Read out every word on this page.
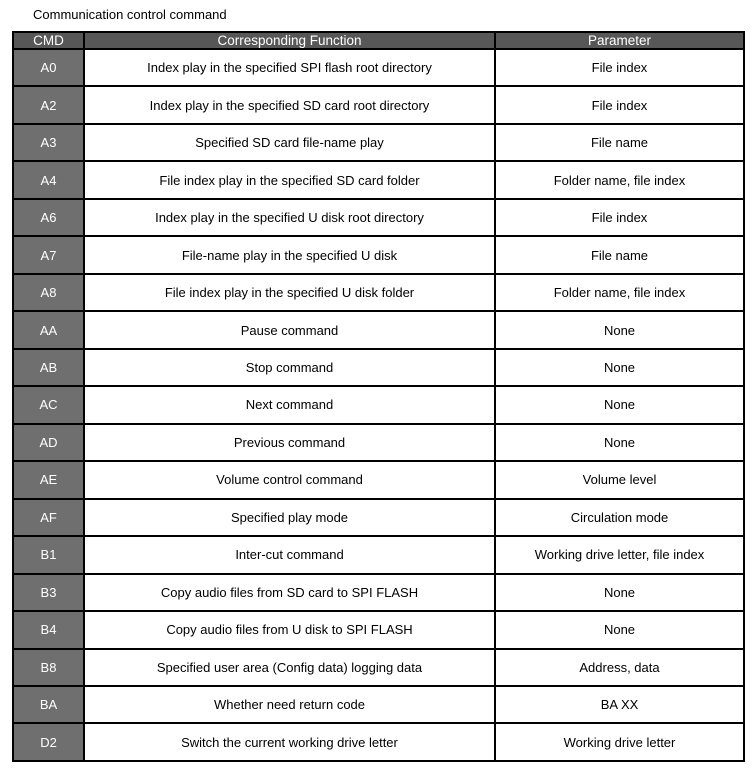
Communication control command
CMD	Corresponding Function	Parameter
A0	Index play in the specified SPI flash root directory	File index
A2	Index play in the specified SD card root directory	File index
A3	Specified SD card file-name play	File name
A4	File index play in the specified SD card folder	Folder name, file index
A6	Index play in the specified U disk root directory	File index
A7	File-name play in the specified U disk	File name
A8	File index play in the specified U disk folder	Folder name, file index
AA	Pause command	None
AB	Stop command	None
AC	Next command	None
AD	Previous command	None
AE	Volume control command	Volume level
AF	Specified play mode	Circulation mode
B1	Inter-cut command	Working drive letter, file index
B3	Copy audio files from SD card to SPI FLASH	None
B4	Copy audio files from U disk to SPI FLASH	None
B8	Specified user area (Config data) logging data	Address, data
BA	Whether need return code	BA XX
D2	Switch the current working drive letter	Working drive letter
